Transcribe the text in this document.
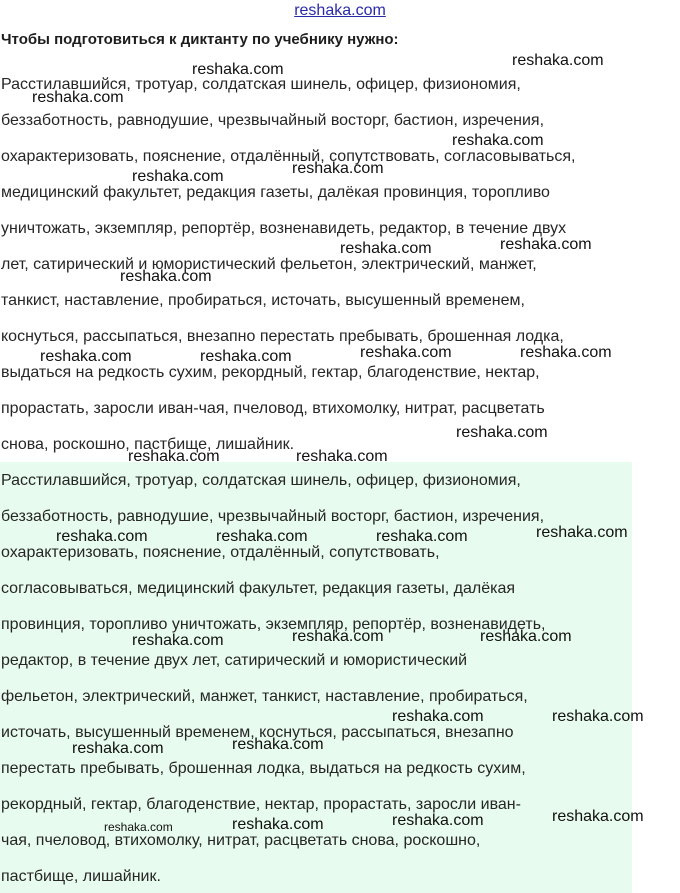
reshaka.com
Чтобы подготовиться к диктанту по учебнику нужно:
Расстилавшийся, тротуар, солдатская шинель, офицер, физиономия,
беззаботность, равнодушие, чрезвычайный восторг, бастион, изречения,
охарактеризовать, пояснение, отдалённый, сопутствовать, согласовываться,
медицинский факультет, редакция газеты, далёкая провинция, торопливо
уничтожать, экземпляр, репортёр, возненавидеть, редактор, в течение двух
лет, сатирический и юмористический фельетон, электрический, манжет,
танкист, наставление, пробираться, источать, высушенный временем,
коснуться, рассыпаться, внезапно перестать пребывать, брошенная лодка,
выдаться на редкость сухим, рекордный, гектар, благоденствие, нектар,
прорастать, заросли иван-чая, пчеловод, втихомолку, нитрат, расцветать
снова, роскошно, пастбище, лишайник.
Расстилавшийся, тротуар, солдатская шинель, офицер, физиономия,
беззаботность, равнодушие, чрезвычайный восторг, бастион, изречения,
охарактеризовать, пояснение, отдалённый, сопутствовать,
согласовываться, медицинский факультет, редакция газеты, далёкая
провинция, торопливо уничтожать, экземпляр, репортёр, возненавидеть,
редактор, в течение двух лет, сатирический и юмористический
фельетон, электрический, манжет, танкист, наставление, пробираться,
источать, высушенный временем, коснуться, рассыпаться, внезапно
перестать пребывать, брошенная лодка, выдаться на редкость сухим,
рекордный, гектар, благоденствие, нектар, прорастать, заросли иван-
чая, пчеловод, втихомолку, нитрат, расцветать снова, роскошно,
пастбище, лишайник.
reshaka.com
reshaka.com
reshaka.com
reshaka.com
reshaka.com
reshaka.com
reshaka.com
reshaka.com
reshaka.com
reshaka.com	reshaka.com
reshaka.com	reshaka.com
reshaka.com
reshaka.com	reshaka.com
reshaka.com
reshaka.com	reshaka.com	reshaka.com
reshaka.com	reshaka.com
reshaka.com
reshaka.com	reshaka.com
reshaka.com
reshaka.com
reshaka.com
reshaka.com
reshaka.com
reshaka.com
